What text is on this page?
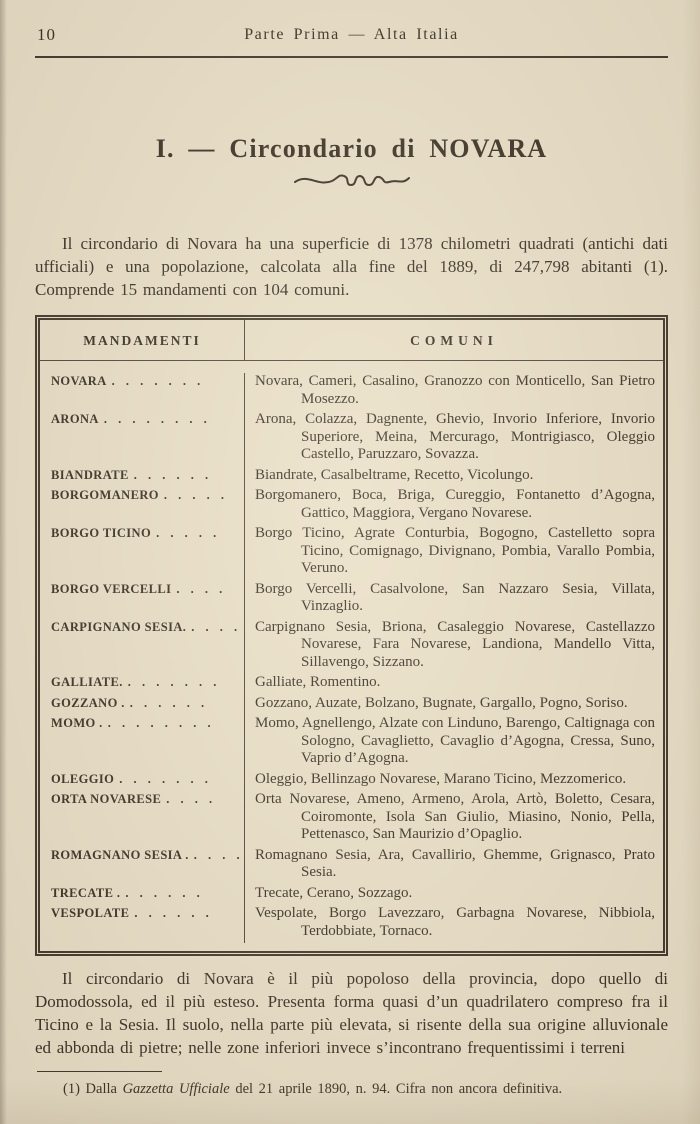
10	Parte Prima — Alta Italia
I. — Circondario di NOVARA

Il circondario di Novara ha una superficie di 1378 chilometri quadrati (antichi dati ufficiali) e una popolazione, calcolata alla fine del 1889, di 247,798 abitanti (1). Comprende 15 mandamenti con 104 comuni.

MANDAMENTI	COMUNI
NOVARA . . . . . . .	Novara, Cameri, Casalino, Granozzo con Monticello, San Pietro Mosezzo.
ARONA . . . . . . . .	Arona, Colazza, Dagnente, Ghevio, Invorio Inferiore, Invorio Superiore, Meina, Mercurago, Montrigiasco, Oleggio Castello, Paruzzaro, Sovazza.
BIANDRATE . . . . . .	Biandrate, Casalbeltrame, Recetto, Vicolungo.
BORGOMANERO . . . . .	Borgomanero, Boca, Briga, Cureggio, Fontanetto d’Agogna, Gattico, Maggiora, Vergano Novarese.
BORGO TICINO . . . . .	Borgo Ticino, Agrate Conturbia, Bogogno, Castelletto sopra Ticino, Comignago, Divignano, Pombia, Varallo Pombia, Veruno.
BORGO VERCELLI . . . .	Borgo Vercelli, Casalvolone, San Nazzaro Sesia, Villata, Vinzaglio.
CARPIGNANO SESIA. . . . . Carpignano Sesia, Briona, Casaleggio Novarese, Castellazzo Novarese, Fara Novarese, Landiona, Mandello Vitta, Sillavengo, Sizzano.
GALLIATE. . . . . . . .	Galliate, Romentino.
GOZZANO . . . . . . .	Gozzano, Auzate, Bolzano, Bugnate, Gargallo, Pogno, Soriso.
MOMO . . . . . . . . .	Momo, Agnellengo, Alzate con Linduno, Barengo, Caltignaga con Sologno, Cavaglietto, Cavaglio d’Agogna, Cressa, Suno, Vaprio d’Agogna.
OLEGGIO . . . . . . .	Oleggio, Bellinzago Novarese, Marano Ticino, Mezzomerico.
ORTA NOVARESE . . . .	Orta Novarese, Ameno, Armeno, Arola, Artò, Boletto, Cesara, Coiromonte, Isola San Giulio, Miasino, Nonio, Pella, Pettenasco, San Maurizio d’Opaglio.
ROMAGNANO SESIA . . . . . Romagnano Sesia, Ara, Cavallirio, Ghemme, Grignasco, Prato Sesia.
TRECATE . . . . . . .	Trecate, Cerano, Sozzago.
VESPOLATE . . . . . .	Vespolate, Borgo Lavezzaro, Garbagna Novarese, Nibbiola, Terdobbiate, Tornaco.

Il circondario di Novara è il più popoloso della provincia, dopo quello di Domodossola, ed il più esteso. Presenta forma quasi d’un quadrilatero compreso fra il Ticino e la Sesia. Il suolo, nella parte più elevata, si risente della sua origine alluvionale ed abbonda di pietre; nelle zone inferiori invece s’incontrano frequentissimi i terreni

(1) Dalla Gazzetta Ufficiale del 21 aprile 1890, n. 94. Cifra non ancora definitiva.
